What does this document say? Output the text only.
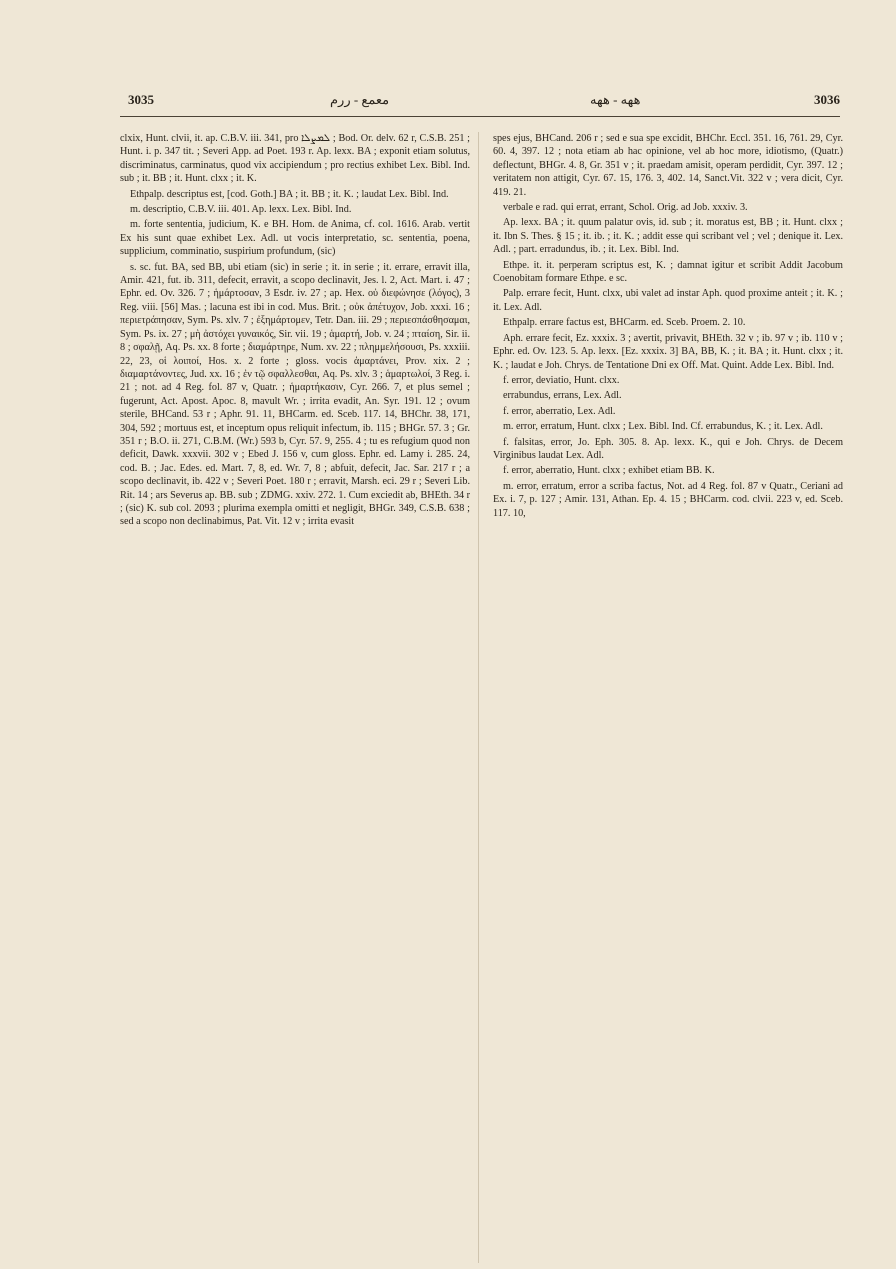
3035	معمع - ررم	ههه - ههه	3036

clxix, Hunt. clvii, it. ap. C.B.V. iii. 341, pro ܠܡܨܠܐ ; Bod. Or. delv. 62 r, C.S.B. 251 ; Hunt. i. p. 347 tit. ; Severi App. ad Poet. 193 r. Ap. lexx. BA ; exponit etiam solutus, discriminatus, carminatus, quod vix accipiendum ; pro rectius exhibet Lex. Bibl. Ind. sub ; it. BB ; it. Hunt. clxx ; it. K.

Ethpalp. descriptus est, [cod. Goth.] BA ; it. BB ; it. K. ; laudat Lex. Bibl. Ind.

m. descriptio, C.B.V. iii. 401. Ap. lexx. Lex. Bibl. Ind.

m. forte sententia, judicium, K. e BH. Hom. de Anima, cf. col. 1616. Arab. vertit Ex his sunt quae exhibet Lex. Adl. ut vocis interpretatio, sc. sententia, poena, supplicium, comminatio, suspirium profundum, (sic)

s. sc. fut. BA, sed BB, ubi etiam (sic) in serie ; it. in serie ; it. errare, erravit illa, Amir. 421, fut. ib. 311, defecit, erravit, a scopo declinavit, Jes. l. 2, Act. Mart. i. 47 ; Ephr. ed. Ov. 326. 7 ; ἡμάρτοσαν, 3 Esdr. iv. 27 ; ap. Hex. οὐ διεφώνησε (λόγος), 3 Reg. viii. [56] Mas. ; lacuna est ibi in cod. Mus. Brit. ; οὐκ ἀπέτυχον, Job. xxxi. 16 ; περιετράπησαν, Sym. Ps. xlv. 7 ; ἐξημάρτομεν, Tetr. Dan. iii. 29 ; περιεσπάσθησαμαι, Sym. Ps. ix. 27 ; μὴ ἀστόχει γυναικός, Sir. vii. 19 ; ἁμαρτή, Job. v. 24 ; πταίση, Sir. ii. 8 ; σφαλῇ, Aq. Ps. xx. 8 forte ; διαμάρτηρε, Num. xv. 22 ; πλημμελήσουσι, Ps. xxxiii. 22, 23, οἱ λοιποί, Hos. x. 2 forte ; gloss. vocis ἁμαρτάνει, Prov. xix. 2 ; διαμαρτάνοντες, Jud. xx. 16 ; ἐν τῷ σφαλλεσθαι, Aq. Ps. xlv. 3 ; ἁμαρτωλοί, 3 Reg. i. 21 ; not. ad 4 Reg. fol. 87 v, Quatr. ; ἡμαρτήκασιν, Cyr. 266. 7, et plus semel ; fugerunt, Act. Apost. Apoc. 8, mavult Wr. ; irrita evadit, An. Syr. 191. 12 ; ovum sterile, BHCand. 53 r ; Aphr. 91. 11, BHCarm. ed. Sceb. 117. 14, BHChr. 38, 171, 304, 592 ; mortuus est, et inceptum opus reliquit infectum, ib. 115 ; BHGr. 57. 3 ; Gr. 351 r ; B.O. ii. 271, C.B.M. (Wr.) 593 b, Cyr. 57. 9, 255. 4 ; tu es refugium quod non deficit, Dawk. xxxvii. 302 v ; Ebed J. 156 v, cum gloss. Ephr. ed. Lamy i. 285. 24, cod. B. ; Jac. Edes. ed. Mart. 7, 8, ed. Wr. 7, 8 ; abfuit, defecit, Jac. Sar. 217 r ; a scopo declinavit, ib. 422 v ; Severi Poet. 180 r ; erravit, Marsh. eci. 29 r ; Severi Lib. Rit. 14 ; ars Severus ap. BB. sub ; ZDMG. xxiv. 272. 1. Cum exciedit ab, BHEth. 34 r ; (sic) K. sub col. 2093 ; plurima exempla omitti et negligit, BHGr. 349, C.S.B. 638 ; sed a scopo non declinabimus, Pat. Vit. 12 v ; irrita evasit

spes ejus, BHCand. 206 r ; sed e sua spe excidit, BHChr. Eccl. 351. 16, 761. 29, Cyr. 60. 4, 397. 12 ; nota etiam ab hac opinione, vel ab hoc more, idiotismo, (Quatr.) deflectunt, BHGr. 4. 8, Gr. 351 v ; it. praedam amisit, operam perdidit, Cyr. 397. 12 ; veritatem non attigit, Cyr. 67. 15, 176. 3, 402. 14, Sanct.Vit. 322 v ; vera dicit, Cyr. 419. 21.

verbale e rad. qui errat, errant, Schol. Orig. ad Job. xxxiv. 3.

Ap. lexx. BA ; it. quum palatur ovis, id. sub ; it. moratus est, BB ; it. Hunt. clxx ; it. Ibn S. Thes. § 15 ; it. ib. ; it. K. ; addit esse qui scribant vel ; vel ; denique it. Lex. Adl. ; part. erradundus, ib. ; it. Lex. Bibl. Ind.

Ethpe. it. it. perperam scriptus est, K. ; damnat igitur et scribit Addit Jacobum Coenobitam formare Ethpe. e sc.

Palp. errare fecit, Hunt. clxx, ubi valet ad instar Aph. quod proxime anteit ; it. K. ; it. Lex. Adl.

Ethpalp. errare factus est, BHCarm. ed. Sceb. Proem. 2. 10.

Aph. errare fecit, Ez. xxxix. 3 ; avertit, privavit, BHEth. 32 v ; ib. 97 v ; ib. 110 v ; Ephr. ed. Ov. 123. 5. Ap. lexx. [Ez. xxxix. 3] BA, BB, K. ; it. BA ; it. Hunt. clxx ; it. K. ; laudat e Joh. Chrys. de Tentatione Dni ex Off. Mat. Quint. Adde Lex. Bibl. Ind.

f. error, deviatio, Hunt. clxx.

errabundus, errans, Lex. Adl.

f. error, aberratio, Lex. Adl.

m. error, erratum, Hunt. clxx ; Lex. Bibl. Ind. Cf. errabundus, K. ; it. Lex. Adl.

f. falsitas, error, Jo. Eph. 305. 8. Ap. lexx. K., qui e Joh. Chrys. de Decem Virginibus laudat Lex. Adl.

f. error, aberratio, Hunt. clxx ; exhibet etiam BB. K.

m. error, erratum, error a scriba factus, Not. ad 4 Reg. fol. 87 v Quatr., Ceriani ad Ex. i. 7, p. 127 ; Amir. 131, Athan. Ep. 4. 15 ; BHCarm. cod. clvii. 223 v, ed. Sceb. 117. 10,
